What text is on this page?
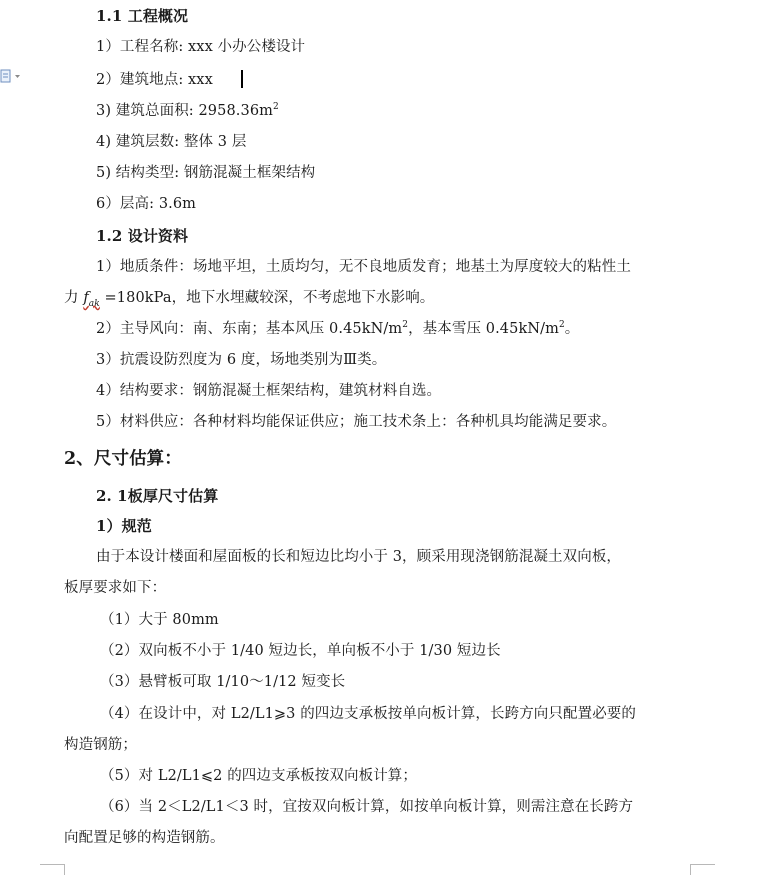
1.1 工程概况
1）工程名称: xxx 小办公楼设计
2）建筑地点: xxx
3) 建筑总面积: $2958.36m^2$
4) 建筑层数: 整体 3 层
5) 结构类型: 钢筋混凝土框架结构
6）层高: 3.6m
1.2 设计资料
1）地质条件：场地平坦，土质均匀，无不良地质发育；地基土为厚度较大的粘性土
力 $f_{ak} =180kPa$，地下水埋藏较深，不考虑地下水影响。
2）主导风向：南、东南；基本风压 $0.45kN/m^2$，基本雪压 $0.45kN/m^2$。
3）抗震设防烈度为 6 度，场地类别为Ⅲ类。
4）结构要求：钢筋混凝土框架结构，建筑材料自选。
5）材料供应：各种材料均能保证供应；施工技术条上：各种机具均能满足要求。
2、尺寸估算：
2. 1板厚尺寸估算
1）规范
由于本设计楼面和屋面板的长和短边比均小于 3，顾采用现浇钢筋混凝土双向板，
板厚要求如下：
（1）大于 80mm
（2）双向板不小于 1/40 短边长，单向板不小于 1/30 短边长
（3）悬臂板可取 1/10～1/12 短变长
（4）在设计中，对 L2/L1⩾3 的四边支承板按单向板计算，长跨方向只配置必要的
构造钢筋；
（5）对 L2/L1⩽2 的四边支承板按双向板计算；
（6）当 2＜L2/L1＜3 时，宜按双向板计算，如按单向板计算，则需注意在长跨方
向配置足够的构造钢筋。
